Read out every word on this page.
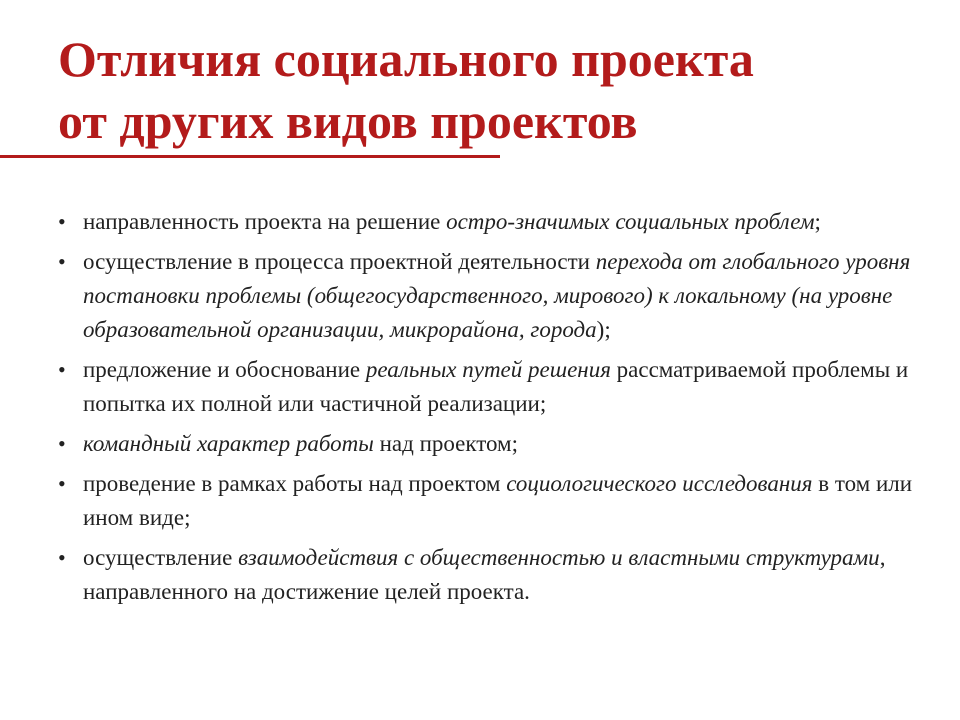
Отличия социального проекта
от других видов проектов
• направленность проекта на решение остро-значимых социальных проблем;
• осуществление в процесса проектной деятельности перехода от глобального уровня постановки проблемы (общегосударственного, мирового) к локальному (на уровне образовательной организации, микрорайона, города);
• предложение и обоснование реальных путей решения рассматриваемой проблемы и попытка их полной или частичной реализации;
• командный характер работы над проектом;
• проведение в рамках работы над проектом социологического исследования в том или ином виде;
• осуществление взаимодействия с общественностью и властными структурами, направленного на достижение целей проекта.
